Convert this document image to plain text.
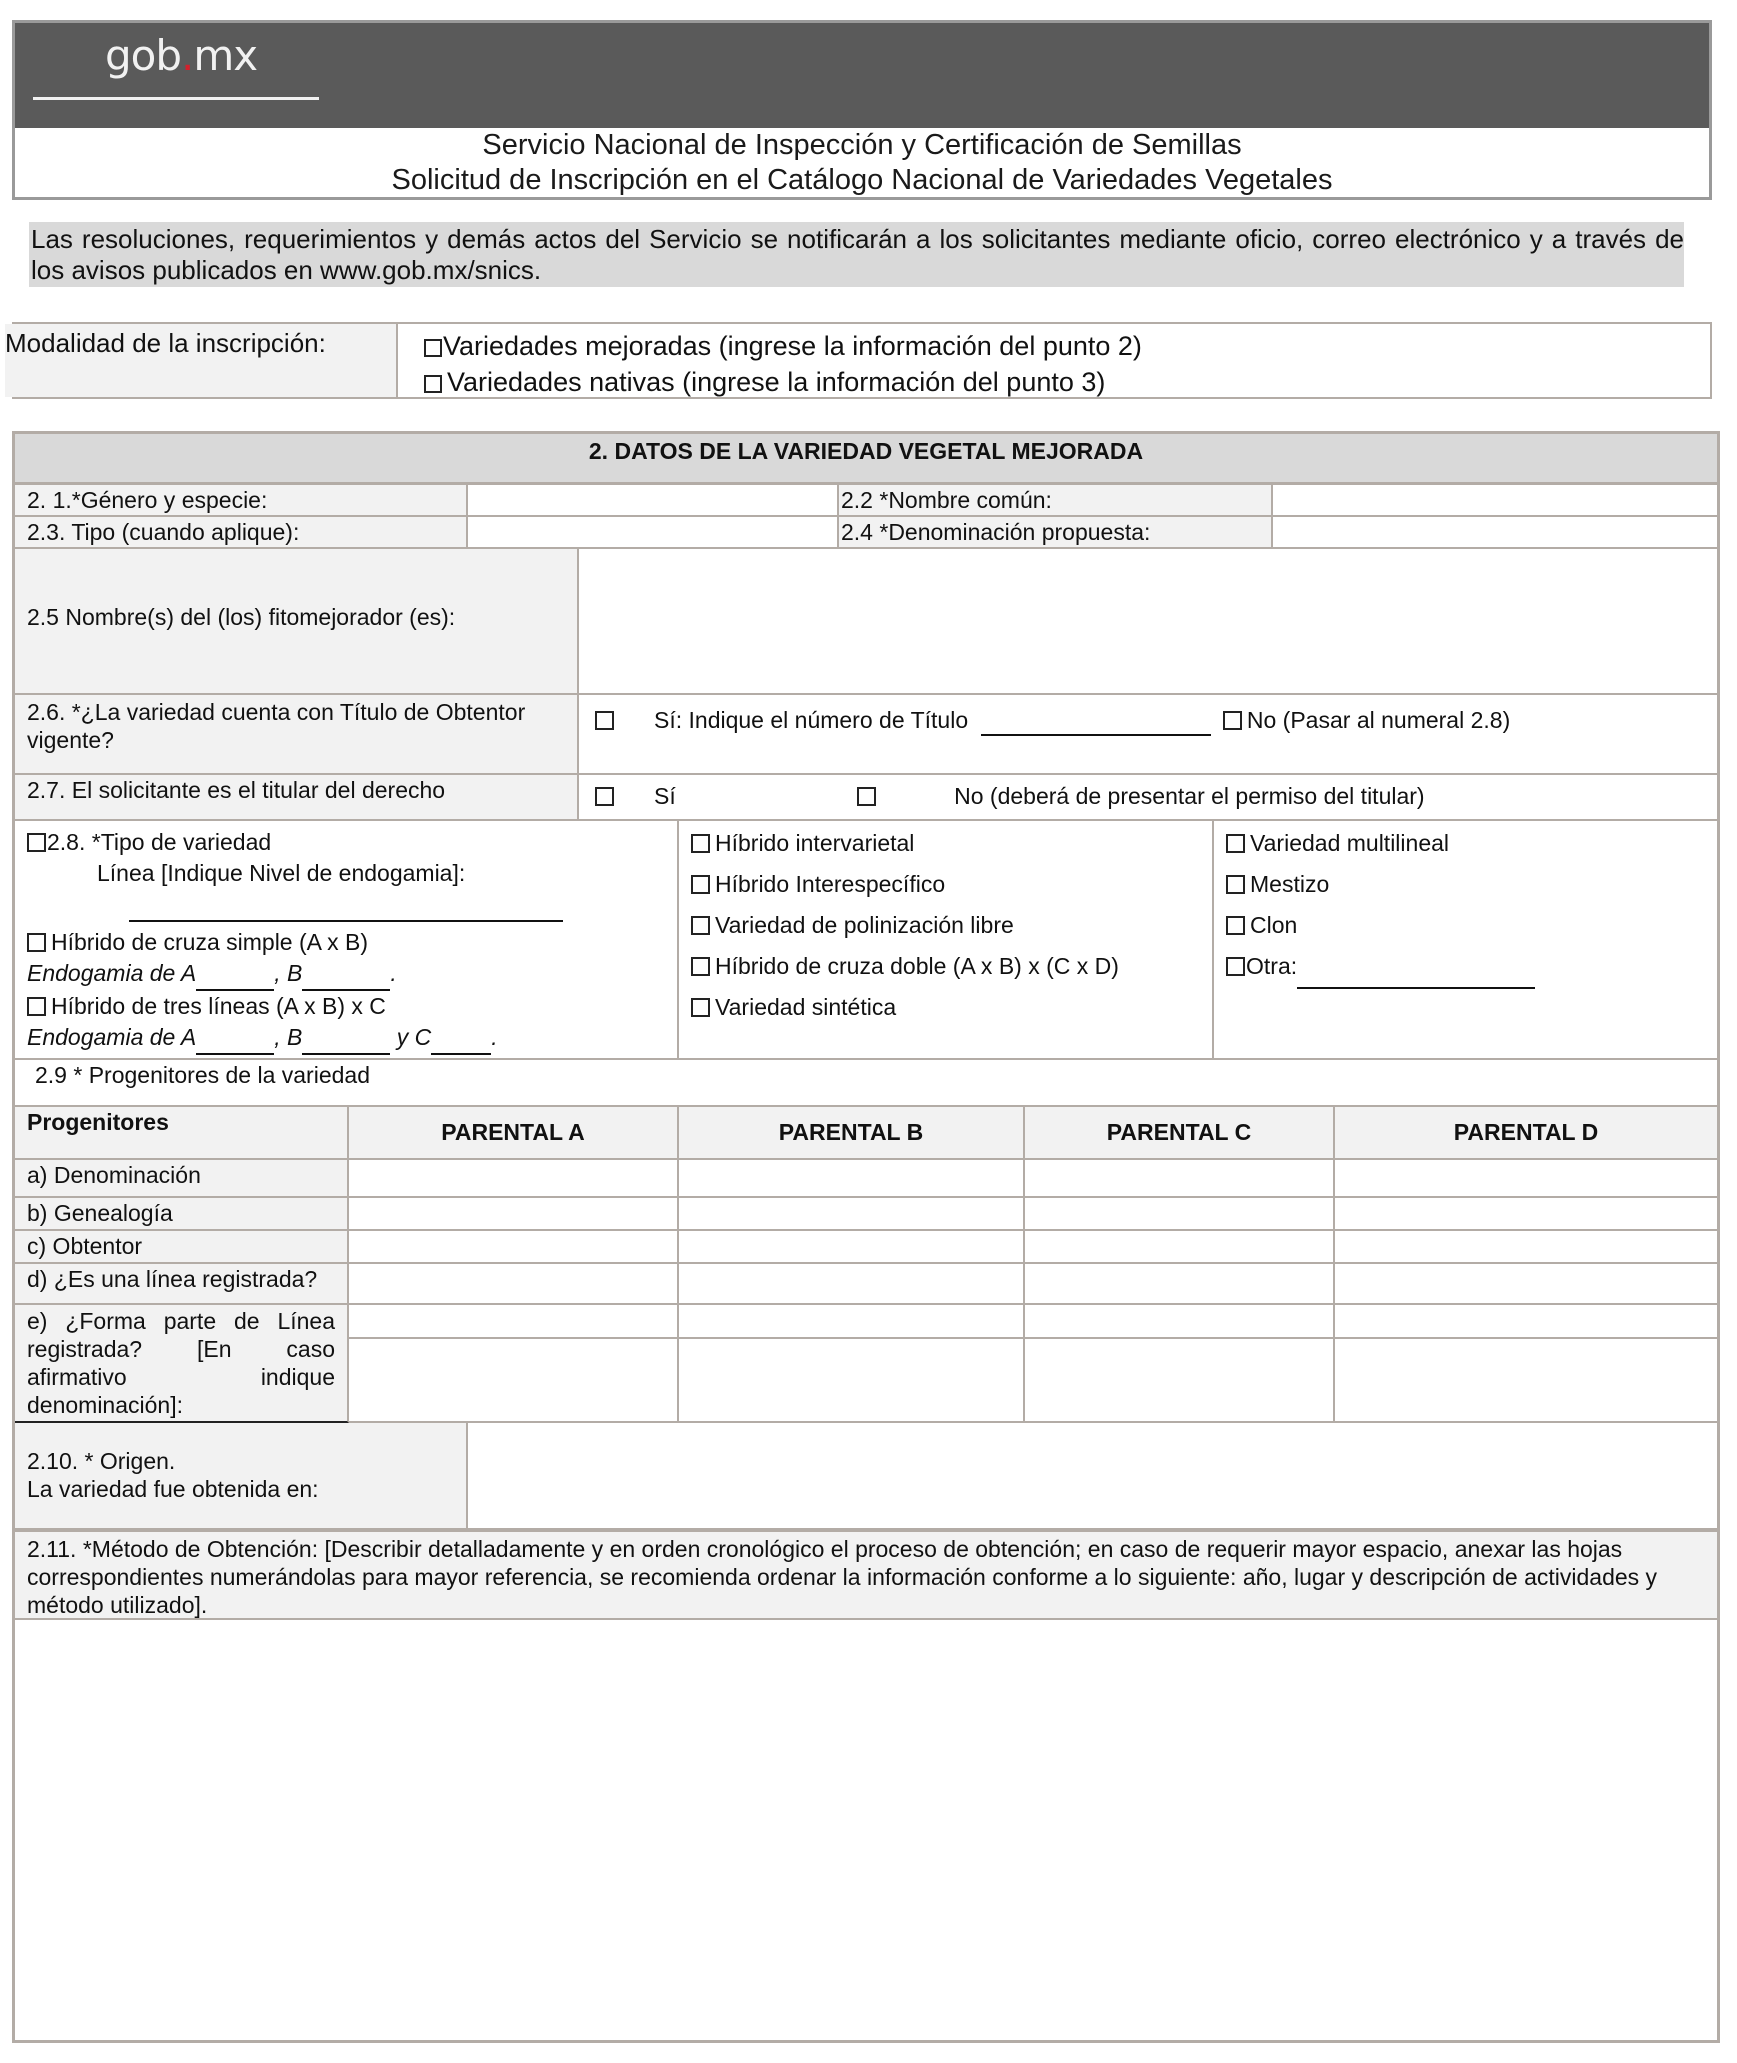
gob.mx
Servicio Nacional de Inspección y Certificación de Semillas
Solicitud de Inscripción en el Catálogo Nacional de Variedades Vegetales
Las resoluciones, requerimientos y demás actos del Servicio se notificarán a los solicitantes mediante oficio, correo electrónico y a través de los avisos publicados en www.gob.mx/snics.
Modalidad de la inscripción:	Variedades mejoradas (ingrese la información del punto 2)
Variedades nativas (ingrese la información del punto 3)
2. DATOS DE LA VARIEDAD VEGETAL MEJORADA
2. 1.*Género y especie:	2.2 *Nombre común:
2.3. Tipo (cuando aplique):	2.4 *Denominación propuesta:
2.5 Nombre(s) del (los) fitomejorador (es):
2.6. *¿La variedad cuenta con Título de Obtentor vigente?
Sí: Indique el número de Título	No (Pasar al numeral 2.8)
2.7. El solicitante es el titular del derecho	Sí	No (deberá de presentar el permiso del titular)
2.8. *Tipo de variedad
Línea [Indique Nivel de endogamia]:

Híbrido de cruza simple (A x B)
Endogamia de A	, B	.
Híbrido de tres líneas (A x B) x C
Endogamia de A	, B	y C	.
Híbrido intervarietal
Híbrido Interespecífico
Variedad de polinización libre
Híbrido de cruza doble (A x B) x (C x D)
Variedad sintética
Variedad multilineal
Mestizo
Clon
Otra:
2.9 * Progenitores de la variedad
Progenitores	PARENTAL A	PARENTAL B	PARENTAL C	PARENTAL D
a) Denominación
b) Genealogía
c) Obtentor
d) ¿Es una línea registrada?
e) ¿Forma parte de Línea registrada? [En caso afirmativo indique denominación]:
2.10. * Origen.
La variedad fue obtenida en:
2.11. *Método de Obtención: [Describir detalladamente y en orden cronológico el proceso de obtención; en caso de requerir mayor espacio, anexar las hojas correspondientes numerándolas para mayor referencia, se recomienda ordenar la información conforme a lo siguiente: año, lugar y descripción de actividades y método utilizado].
